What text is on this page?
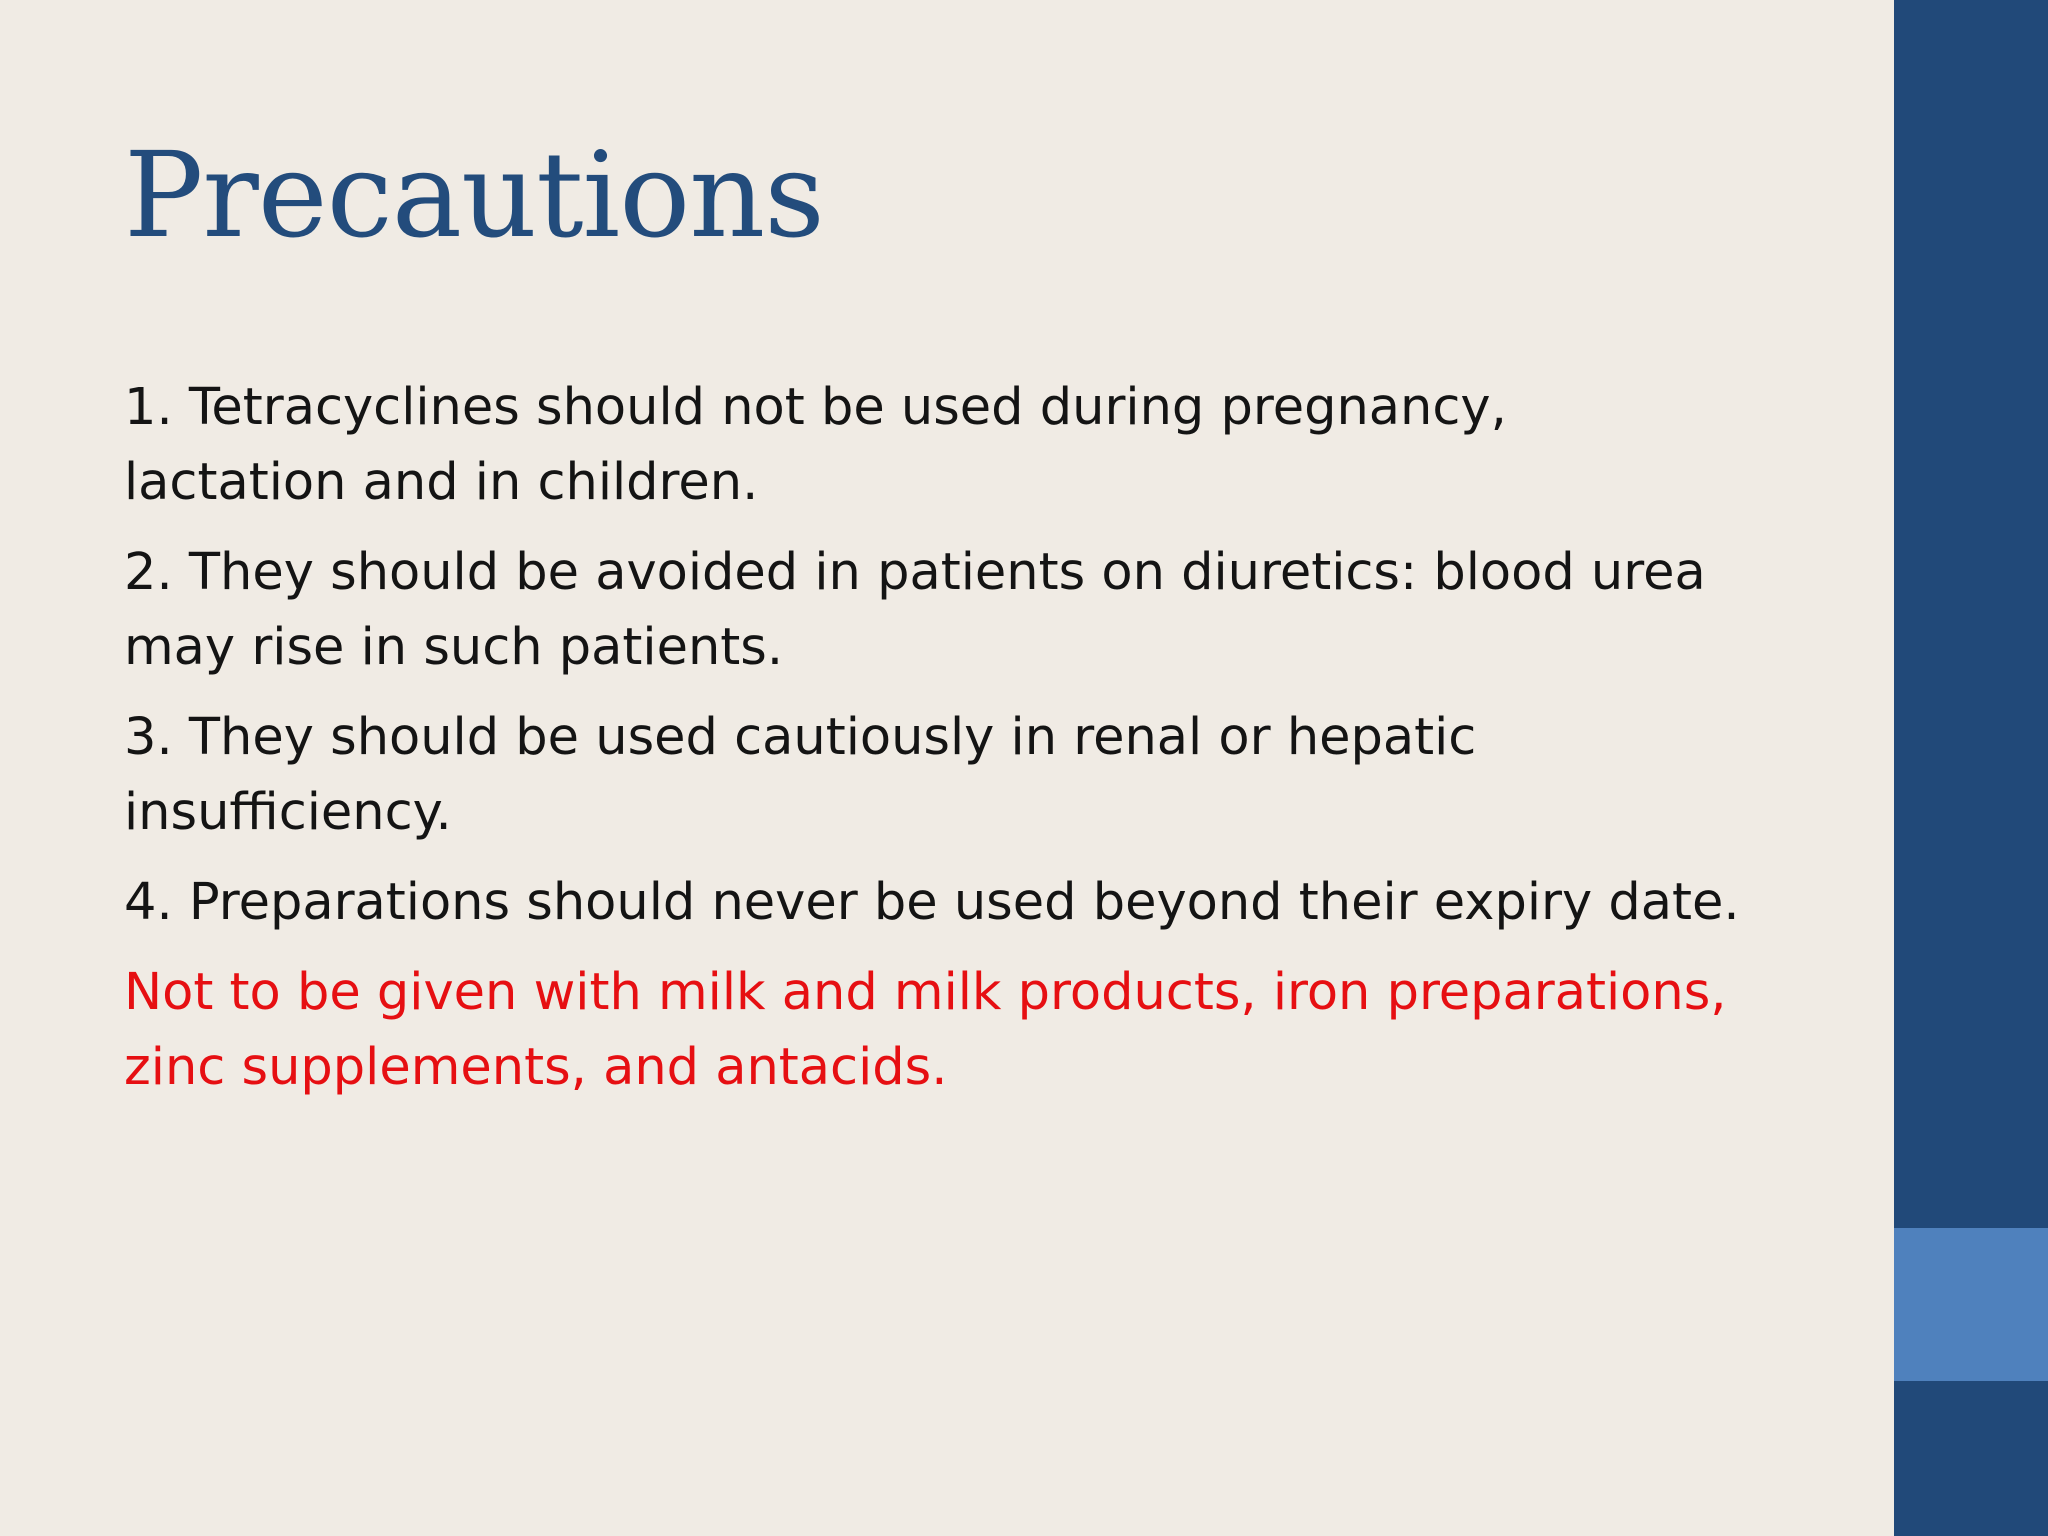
Precautions

1. Tetracyclines should not be used during pregnancy, lactation and in children.

2. They should be avoided in patients on diuretics: blood urea may rise in such patients.

3. They should be used cautiously in renal or hepatic insufficiency.

4. Preparations should never be used beyond their expiry date.

Not to be given with milk and milk products, iron preparations, zinc supplements, and antacids.
